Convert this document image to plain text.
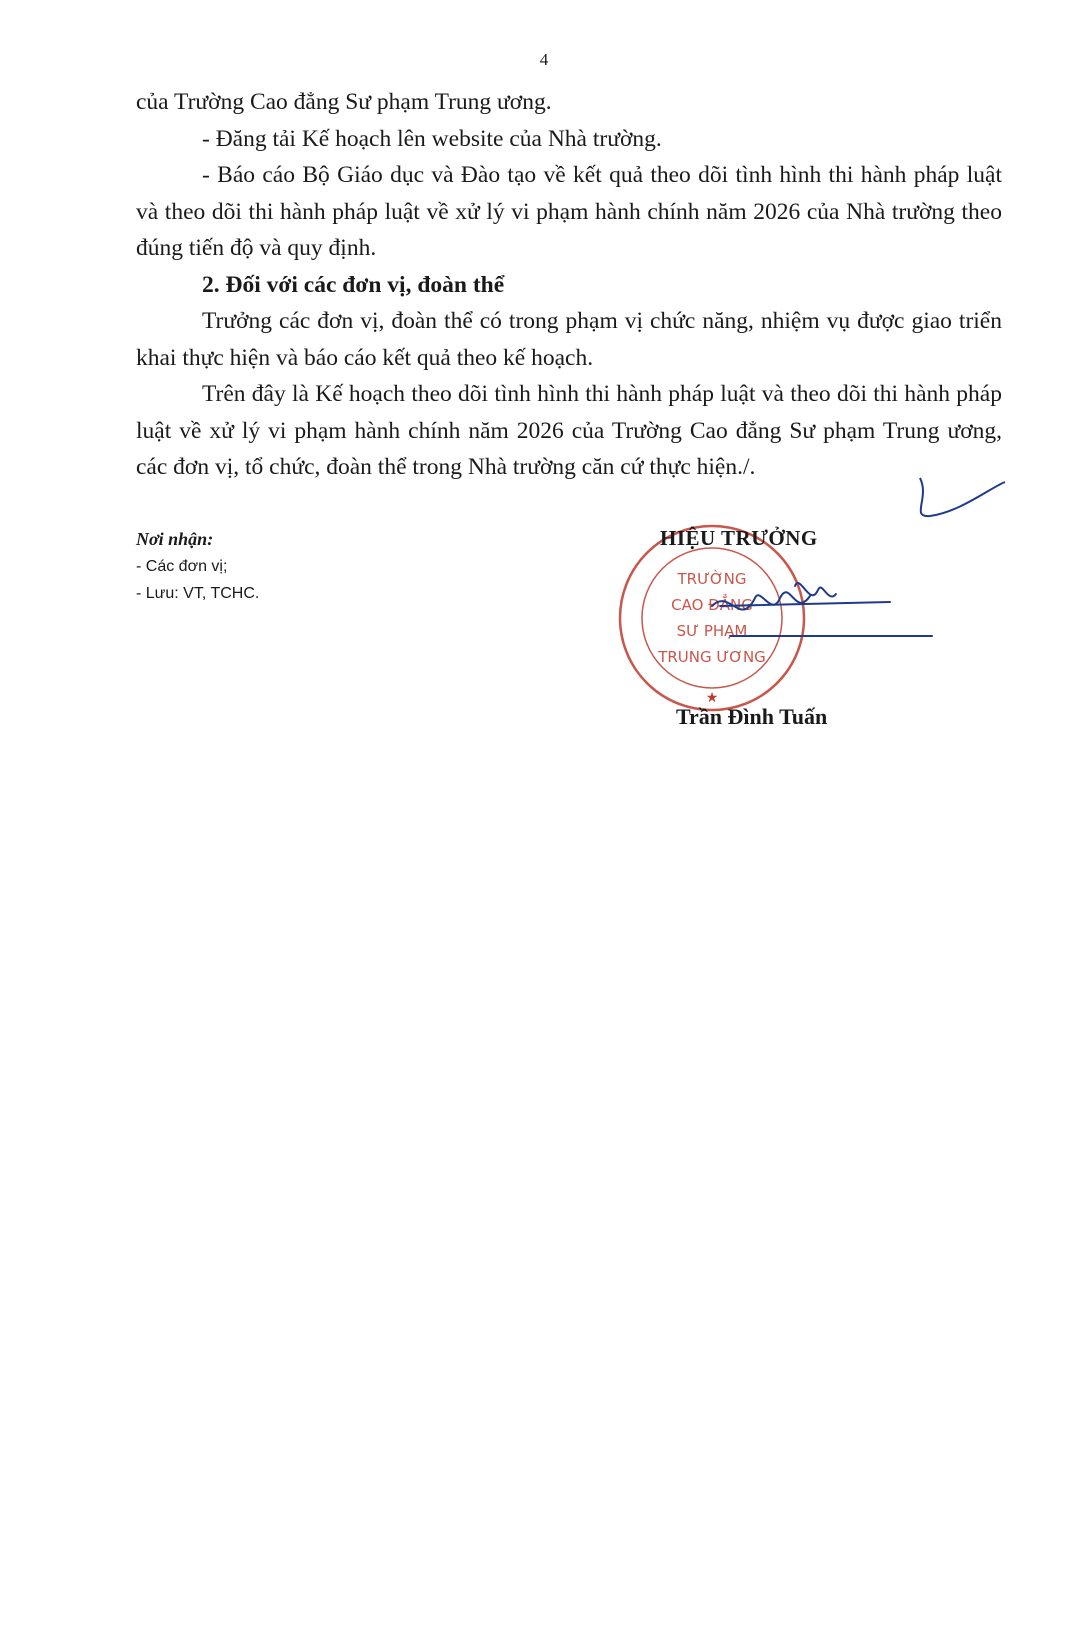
4

của Trường Cao đẳng Sư phạm Trung ương.

- Đăng tải Kế hoạch lên website của Nhà trường.

- Báo cáo Bộ Giáo dục và Đào tạo về kết quả theo dõi tình hình thi hành pháp luật và theo dõi thi hành pháp luật về xử lý vi phạm hành chính năm 2026 của Nhà trường theo đúng tiến độ và quy định.

2. Đối với các đơn vị, đoàn thể

Trưởng các đơn vị, đoàn thể có trong phạm vị chức năng, nhiệm vụ được giao triển khai thực hiện và báo cáo kết quả theo kế hoạch.

Trên đây là Kế hoạch theo dõi tình hình thi hành pháp luật và theo dõi thi hành pháp luật về xử lý vi phạm hành chính năm 2026 của Trường Cao đẳng Sư phạm Trung ương, các đơn vị, tổ chức, đoàn thể trong Nhà trường căn cứ thực hiện./.

Nơi nhận:
- Các đơn vị;
- Lưu: VT, TCHC.
TRƯỜNG
CAO ĐẲNG
SƯ PHẠM
TRUNG ƯƠNG
★
HIỆU TRƯỞNG
Trần Đình Tuấn
